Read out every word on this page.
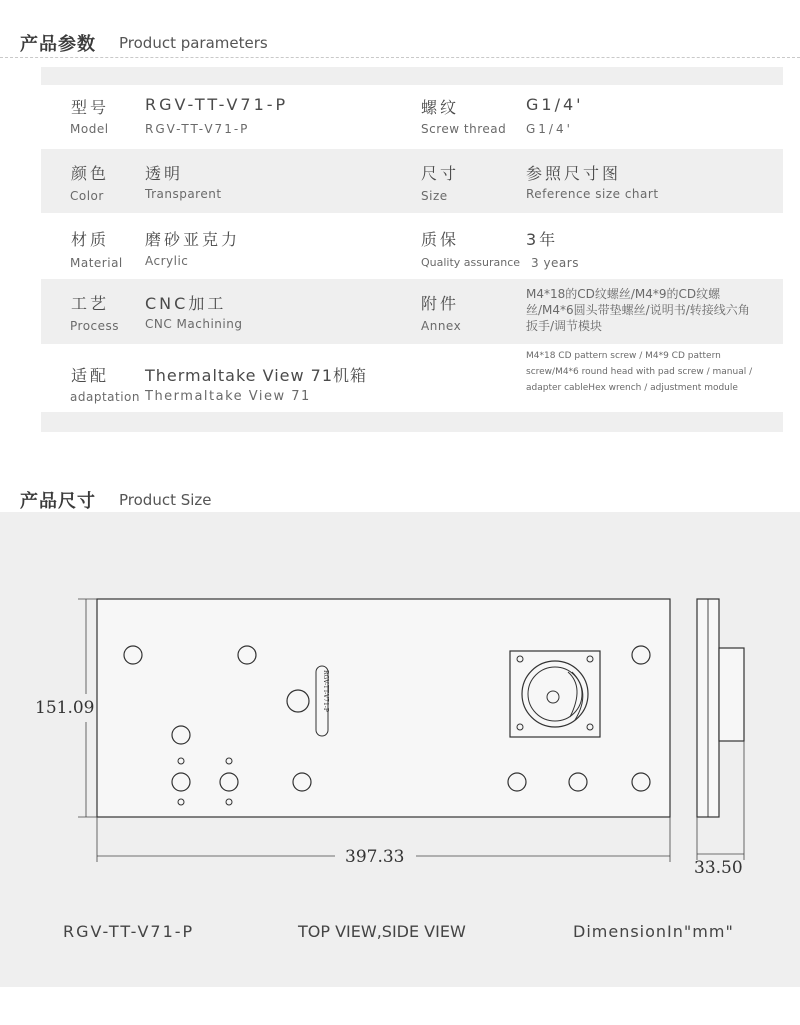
产品参数 Product parameters
型号
Model
RGV-TT-V71-P
RGV-TT-V71-P
螺纹
Screw thread
G1/4'
G1/4'
颜色
Color
透明
Transparent
尺寸
Size
参照尺寸图
Reference size chart
材质
Material
磨砂亚克力
Acrylic
质保
Quality assurance
3年
3 years
工艺
Process
CNC加工
CNC Machining
附件
Annex
M4*18的CD纹螺丝/M4*9的CD纹螺丝/M4*6圆头带垫螺丝/说明书/转接线六角扳手/调节模块
适配
adaptation
Thermaltake View 71机箱
Thermaltake View 71
M4*18 CD pattern screw / M4*9 CD pattern screw/M4*6 round head with pad screw / manual / adapter cableHex wrench / adjustment module
产品尺寸 Product Size
151.09
397.33
RGV-TT-V71-P
33.50
RGV-TT-V71-P	TOP VIEW,SIDE VIEW	DimensionIn"mm"
